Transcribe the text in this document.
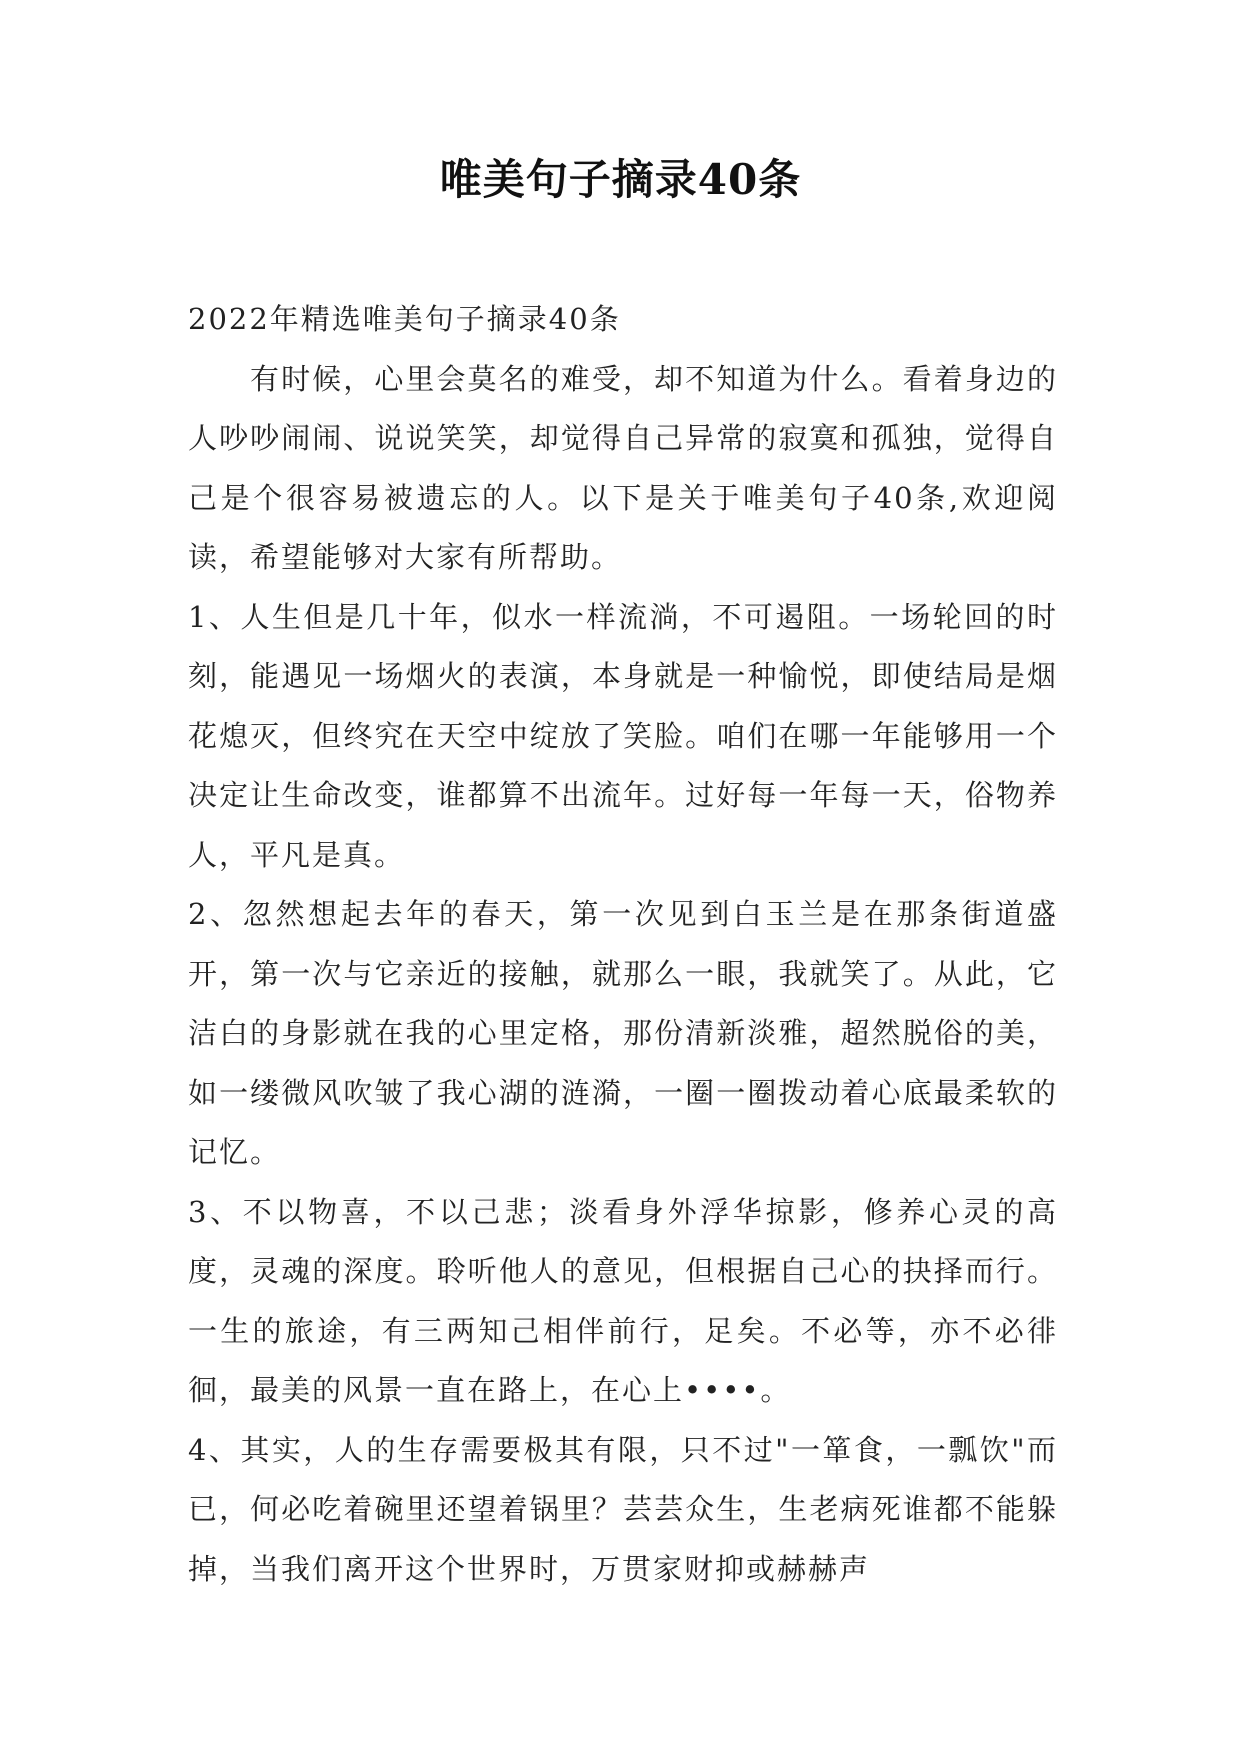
唯美句子摘录40条

2022年精选唯美句子摘录40条

有时候，心里会莫名的难受，却不知道为什么。看着身边的人吵吵闹闹、说说笑笑，却觉得自己异常的寂寞和孤独，觉得自己是个很容易被遗忘的人。以下是关于唯美句子40条,欢迎阅读，希望能够对大家有所帮助。

1、人生但是几十年，似水一样流淌，不可遏阻。一场轮回的时刻，能遇见一场烟火的表演，本身就是一种愉悦，即使结局是烟花熄灭，但终究在天空中绽放了笑脸。咱们在哪一年能够用一个决定让生命改变，谁都算不出流年。过好每一年每一天，俗物养人，平凡是真。

2、忽然想起去年的春天，第一次见到白玉兰是在那条街道盛开，第一次与它亲近的接触，就那么一眼，我就笑了。从此，它洁白的身影就在我的心里定格，那份清新淡雅，超然脱俗的美，如一缕微风吹皱了我心湖的涟漪，一圈一圈拨动着心底最柔软的记忆。

3、不以物喜，不以己悲；淡看身外浮华掠影，修养心灵的高度，灵魂的深度。聆听他人的意见，但根据自己心的抉择而行。一生的旅途，有三两知己相伴前行，足矣。不必等，亦不必徘徊，最美的风景一直在路上，在心上••••。

4、其实，人的生存需要极其有限，只不过"一箪食，一瓢饮"而已，何必吃着碗里还望着锅里？芸芸众生，生老病死谁都不能躲掉，当我们离开这个世界时，万贯家财抑或赫赫声
